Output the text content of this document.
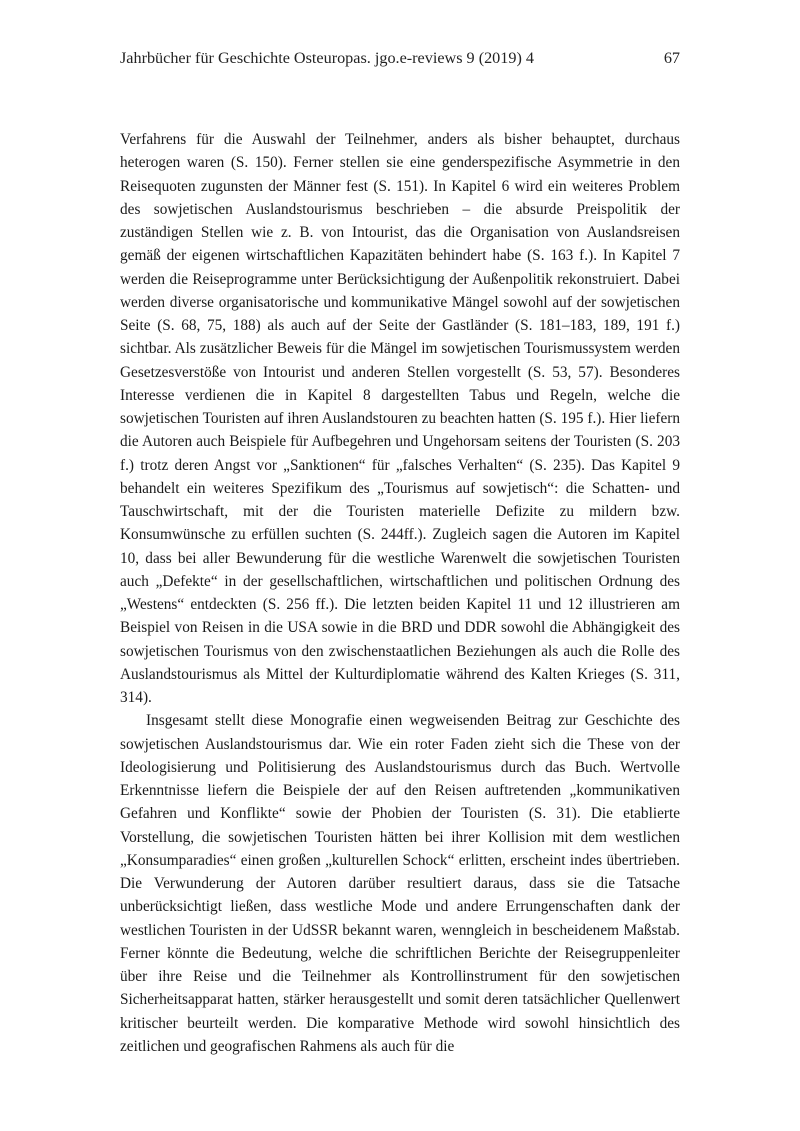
Jahrbücher für Geschichte Osteuropas. jgo.e-reviews 9 (2019) 4	67

Verfahrens für die Auswahl der Teilnehmer, anders als bisher behauptet, durchaus heterogen waren (S. 150). Ferner stellen sie eine genderspezifische Asymmetrie in den Reisequoten zugunsten der Männer fest (S. 151). In Kapitel 6 wird ein weiteres Problem des sowjetischen Auslandstourismus beschrieben – die absurde Preispolitik der zuständigen Stellen wie z. B. von Intourist, das die Organisation von Auslandsreisen gemäß der eigenen wirtschaftlichen Kapazitäten behindert habe (S. 163 f.). In Kapitel 7 werden die Reiseprogramme unter Berücksichtigung der Außenpolitik rekonstruiert. Dabei werden diverse organisatorische und kommunikative Mängel sowohl auf der sowjetischen Seite (S. 68, 75, 188) als auch auf der Seite der Gastländer (S. 181–183, 189, 191 f.) sichtbar. Als zusätzlicher Beweis für die Mängel im sowjetischen Tourismussystem werden Gesetzesverstöße von Intourist und anderen Stellen vorgestellt (S. 53, 57). Besonderes Interesse verdienen die in Kapitel 8 dargestellten Tabus und Regeln, welche die sowjetischen Touristen auf ihren Auslandstouren zu beachten hatten (S. 195 f.). Hier liefern die Autoren auch Beispiele für Aufbegehren und Ungehorsam seitens der Touristen (S. 203 f.) trotz deren Angst vor „Sanktionen“ für „falsches Verhalten“ (S. 235). Das Kapitel 9 behandelt ein weiteres Spezifikum des „Tourismus auf sowjetisch“: die Schatten- und Tauschwirtschaft, mit der die Touristen materielle Defizite zu mildern bzw. Konsumwünsche zu erfüllen suchten (S. 244ff.). Zugleich sagen die Autoren im Kapitel 10, dass bei aller Bewunderung für die westliche Warenwelt die sowjetischen Touristen auch „Defekte“ in der gesellschaftlichen, wirtschaftlichen und politischen Ordnung des „Westens“ entdeckten (S. 256 ff.). Die letzten beiden Kapitel 11 und 12 illustrieren am Beispiel von Reisen in die USA sowie in die BRD und DDR sowohl die Abhängigkeit des sowjetischen Tourismus von den zwischenstaatlichen Beziehungen als auch die Rolle des Auslandstourismus als Mittel der Kulturdiplomatie während des Kalten Krieges (S. 311, 314).

Insgesamt stellt diese Monografie einen wegweisenden Beitrag zur Geschichte des sowjetischen Auslandstourismus dar. Wie ein roter Faden zieht sich die These von der Ideologisierung und Politisierung des Auslandstourismus durch das Buch. Wertvolle Erkenntnisse liefern die Beispiele der auf den Reisen auftretenden „kommunikativen Gefahren und Konflikte“ sowie der Phobien der Touristen (S. 31). Die etablierte Vorstellung, die sowjetischen Touristen hätten bei ihrer Kollision mit dem westlichen „Konsumparadies“ einen großen „kulturellen Schock“ erlitten, erscheint indes übertrieben. Die Verwunderung der Autoren darüber resultiert daraus, dass sie die Tatsache unberücksichtigt ließen, dass westliche Mode und andere Errungenschaften dank der westlichen Touristen in der UdSSR bekannt waren, wenngleich in bescheidenem Maßstab. Ferner könnte die Bedeutung, welche die schriftlichen Berichte der Reisegruppenleiter über ihre Reise und die Teilnehmer als Kontrollinstrument für den sowjetischen Sicherheitsapparat hatten, stärker herausgestellt und somit deren tatsächlicher Quellenwert kritischer beurteilt werden. Die komparative Methode wird sowohl hinsichtlich des zeitlichen und geografischen Rahmens als auch für die
